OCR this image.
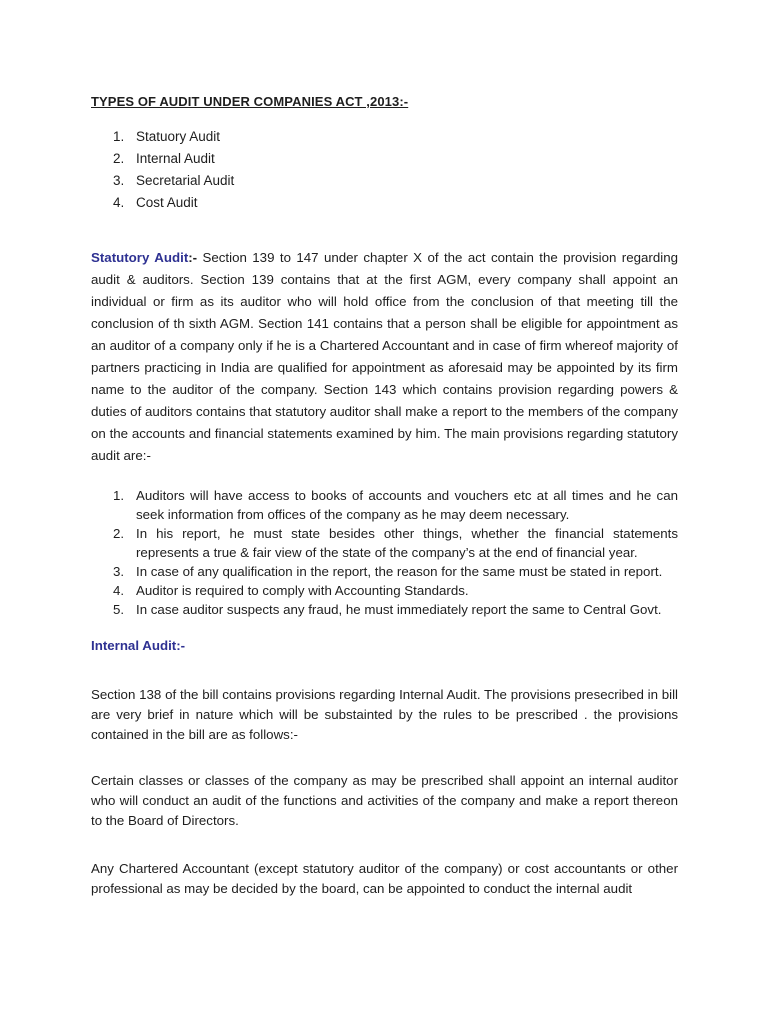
TYPES OF AUDIT UNDER COMPANIES ACT ,2013:-
1. Statuory Audit
2. Internal Audit
3. Secretarial Audit
4. Cost Audit

Statutory Audit:- Section 139 to 147 under chapter X of the act contain the provision regarding audit & auditors. Section 139 contains that at the first AGM, every company shall appoint an individual or firm as its auditor who will hold office from the conclusion of that meeting till the conclusion of th sixth AGM. Section 141 contains that a person shall be eligible for appointment as an auditor of a company only if he is a Chartered Accountant and in case of firm whereof majority of partners practicing in India are qualified for appointment as aforesaid may be appointed by its firm name to the auditor of the company. Section 143 which contains provision regarding powers & duties of auditors contains that statutory auditor shall make a report to the members of the company on the accounts and financial statements examined by him. The main provisions regarding statutory audit are:-

1. Auditors will have access to books of accounts and vouchers etc at all times and he can seek information from offices of the company as he may deem necessary.
2. In his report, he must state besides other things, whether the financial statements represents a true & fair view of the state of the company’s at the end of financial year.
3. In case of any qualification in the report, the reason for the same must be stated in report.
4. Auditor is required to comply with Accounting Standards.
5. In case auditor suspects any fraud, he must immediately report the same to Central Govt.
Internal Audit:-

Section 138 of the bill contains provisions regarding Internal Audit. The provisions presecribed in bill are very brief in nature which will be substainted by the rules to be prescribed . the provisions contained in the bill are as follows:-

Certain classes or classes of the company as may be prescribed shall appoint an internal auditor who will conduct an audit of the functions and activities of the company and make a report thereon to the Board of Directors.

Any Chartered Accountant (except statutory auditor of the company) or cost accountants or other professional as may be decided by the board, can be appointed to conduct the internal audit
